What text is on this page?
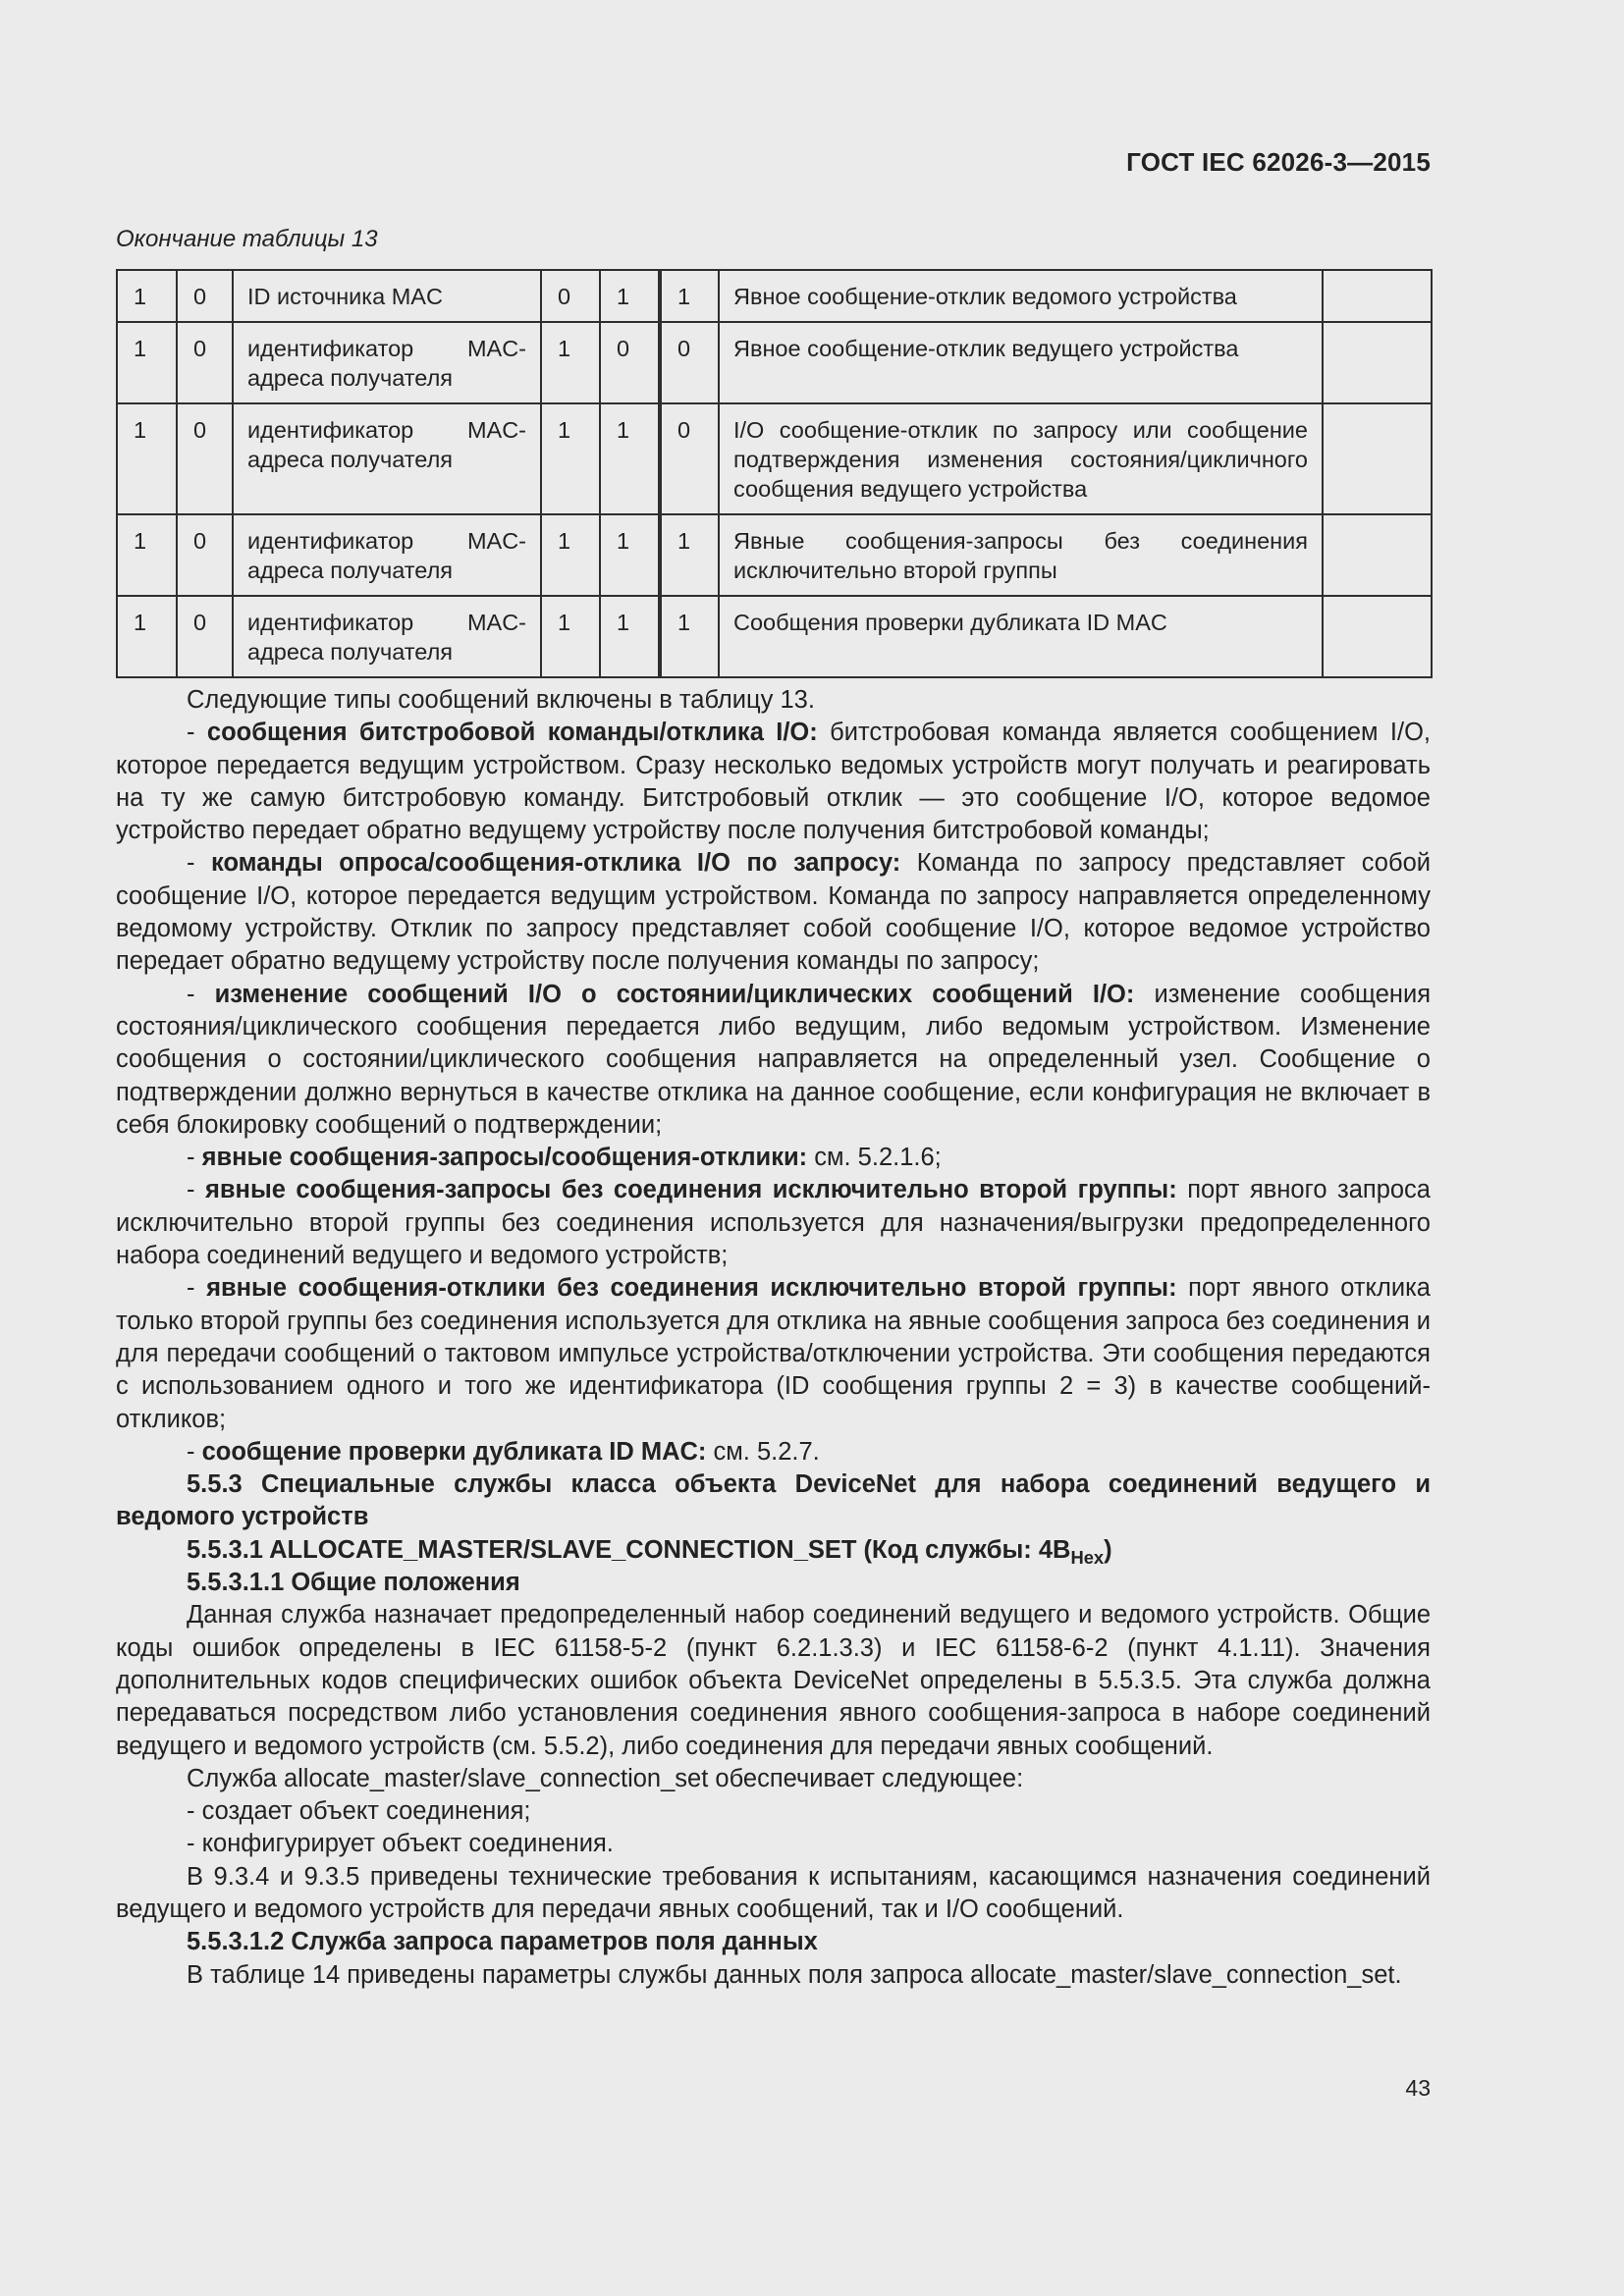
ГОСТ IEC 62026-3—2015
Окончание таблицы 13
1	0	ID источника MAC	0	1	1	Явное сообщение-отклик ведомого устройства	
1	0	идентификатор MAC-адреса получателя	1	0	0	Явное сообщение-отклик ведущего устройства	
1	0	идентификатор MAC-адреса получателя	1	1	0	I/O сообщение-отклик по запросу или сообщение подтверждения изменения состояния/цикличного сообщения ведущего устройства	
1	0	идентификатор MAC-адреса получателя	1	1	1	Явные сообщения-запросы без соединения исключительно второй группы	
1	0	идентификатор MAC-адреса получателя	1	1	1	Сообщения проверки дубликата ID MAC	

Следующие типы сообщений включены в таблицу 13.

- сообщения битстробовой команды/отклика I/O: битстробовая команда является сообщением I/O, которое передается ведущим устройством. Сразу несколько ведомых устройств могут получать и реагировать на ту же самую битстробовую команду. Битстробовый отклик — это сообщение I/O, которое ведомое устройство передает обратно ведущему устройству после получения битстробовой команды;

- команды опроса/сообщения-отклика I/O по запросу: Команда по запросу представляет собой сообщение I/O, которое передается ведущим устройством. Команда по запросу направляется определенному ведомому устройству. Отклик по запросу представляет собой сообщение I/O, которое ведомое устройство передает обратно ведущему устройству после получения команды по запросу;

- изменение сообщений I/O о состоянии/циклических сообщений I/O: изменение сообщения состояния/циклического сообщения передается либо ведущим, либо ведомым устройством. Изменение сообщения о состоянии/циклического сообщения направляется на определенный узел. Сообщение о подтверждении должно вернуться в качестве отклика на данное сообщение, если конфигурация не включает в себя блокировку сообщений о подтверждении;

- явные сообщения-запросы/сообщения-отклики: см. 5.2.1.6;

- явные сообщения-запросы без соединения исключительно второй группы: порт явного запроса исключительно второй группы без соединения используется для назначения/выгрузки предопределенного набора соединений ведущего и ведомого устройств;

- явные сообщения-отклики без соединения исключительно второй группы: порт явного отклика только второй группы без соединения используется для отклика на явные сообщения запроса без соединения и для передачи сообщений о тактовом импульсе устройства/отключении устройства. Эти сообщения передаются с использованием одного и того же идентификатора (ID сообщения группы 2 = 3) в качестве сообщений-откликов;

- сообщение проверки дубликата ID MAC: см. 5.2.7.

5.5.3 Специальные службы класса объекта DeviceNet для набора соединений ведущего и ведомого устройств

5.5.3.1 ALLOCATE_MASTER/SLAVE_CONNECTION_SET (Код службы: $4B_{Hex}$)

5.5.3.1.1 Общие положения

Данная служба назначает предопределенный набор соединений ведущего и ведомого устройств. Общие коды ошибок определены в IEC 61158-5-2 (пункт 6.2.1.3.3) и IEC 61158-6-2 (пункт 4.1.11). Значения дополнительных кодов специфических ошибок объекта DeviceNet определены в 5.5.3.5. Эта служба должна передаваться посредством либо установления соединения явного сообщения-запроса в наборе соединений ведущего и ведомого устройств (см. 5.5.2), либо соединения для передачи явных сообщений.

Служба allocate_master/slave_connection_set обеспечивает следующее:

- создает объект соединения;

- конфигурирует объект соединения.

В 9.3.4 и 9.3.5 приведены технические требования к испытаниям, касающимся назначения соединений ведущего и ведомого устройств для передачи явных сообщений, так и I/O сообщений.

5.5.3.1.2 Служба запроса параметров поля данных

В таблице 14 приведены параметры службы данных поля запроса allocate_master/slave_connection_set.

43
